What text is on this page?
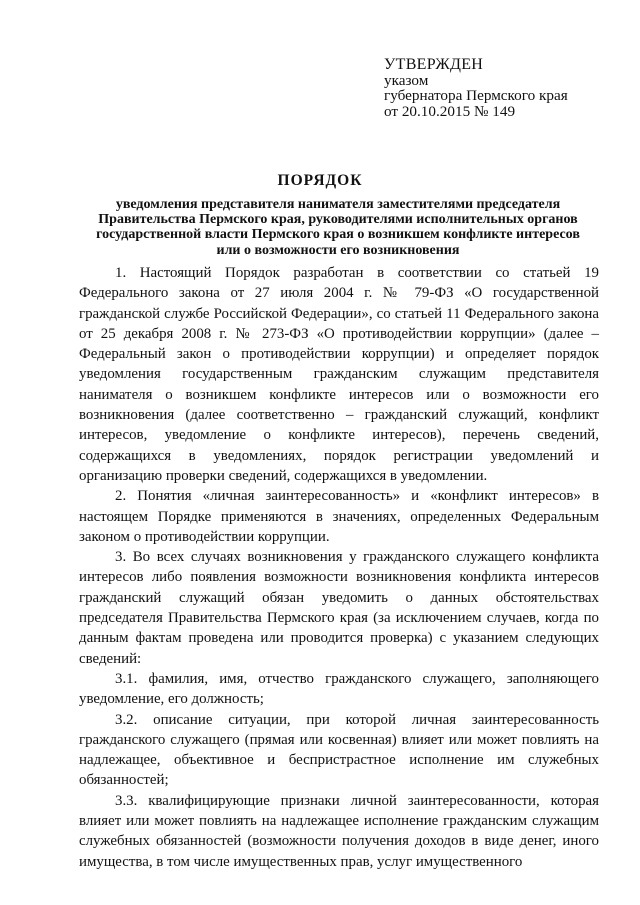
УТВЕРЖДЕН
указом
губернатора Пермского края
от 20.10.2015 № 149
ПОРЯДОК
уведомления представителя нанимателя заместителями председателя Правительства Пермского края, руководителями исполнительных органов государственной власти Пермского края о возникшем конфликте интересов или о возможности его возникновения

1. Настоящий Порядок разработан в соответствии со статьей 19 Федерального закона от 27 июля 2004 г. № 79-ФЗ «О государственной гражданской службе Российской Федерации», со статьей 11 Федерального закона от 25 декабря 2008 г. № 273-ФЗ «О противодействии коррупции» (далее – Федеральный закон о противодействии коррупции) и определяет порядок уведомления государственным гражданским служащим представителя нанимателя о возникшем конфликте интересов или о возможности его возникновения (далее соответственно – гражданский служащий, конфликт интересов, уведомление о конфликте интересов), перечень сведений, содержащихся в уведомлениях, порядок регистрации уведомлений и организацию проверки сведений, содержащихся в уведомлении.

2. Понятия «личная заинтересованность» и «конфликт интересов» в настоящем Порядке применяются в значениях, определенных Федеральным законом о противодействии коррупции.

3. Во всех случаях возникновения у гражданского служащего конфликта интересов либо появления возможности возникновения конфликта интересов гражданский служащий обязан уведомить о данных обстоятельствах председателя Правительства Пермского края (за исключением случаев, когда по данным фактам проведена или проводится проверка) с указанием следующих сведений:

3.1. фамилия, имя, отчество гражданского служащего, заполняющего уведомление, его должность;

3.2. описание ситуации, при которой личная заинтересованность гражданского служащего (прямая или косвенная) влияет или может повлиять на надлежащее, объективное и беспристрастное исполнение им служебных обязанностей;

3.3. квалифицирующие признаки личной заинтересованности, которая влияет или может повлиять на надлежащее исполнение гражданским служащим служебных обязанностей (возможности получения доходов в виде денег, иного имущества, в том числе имущественных прав, услуг имущественного
